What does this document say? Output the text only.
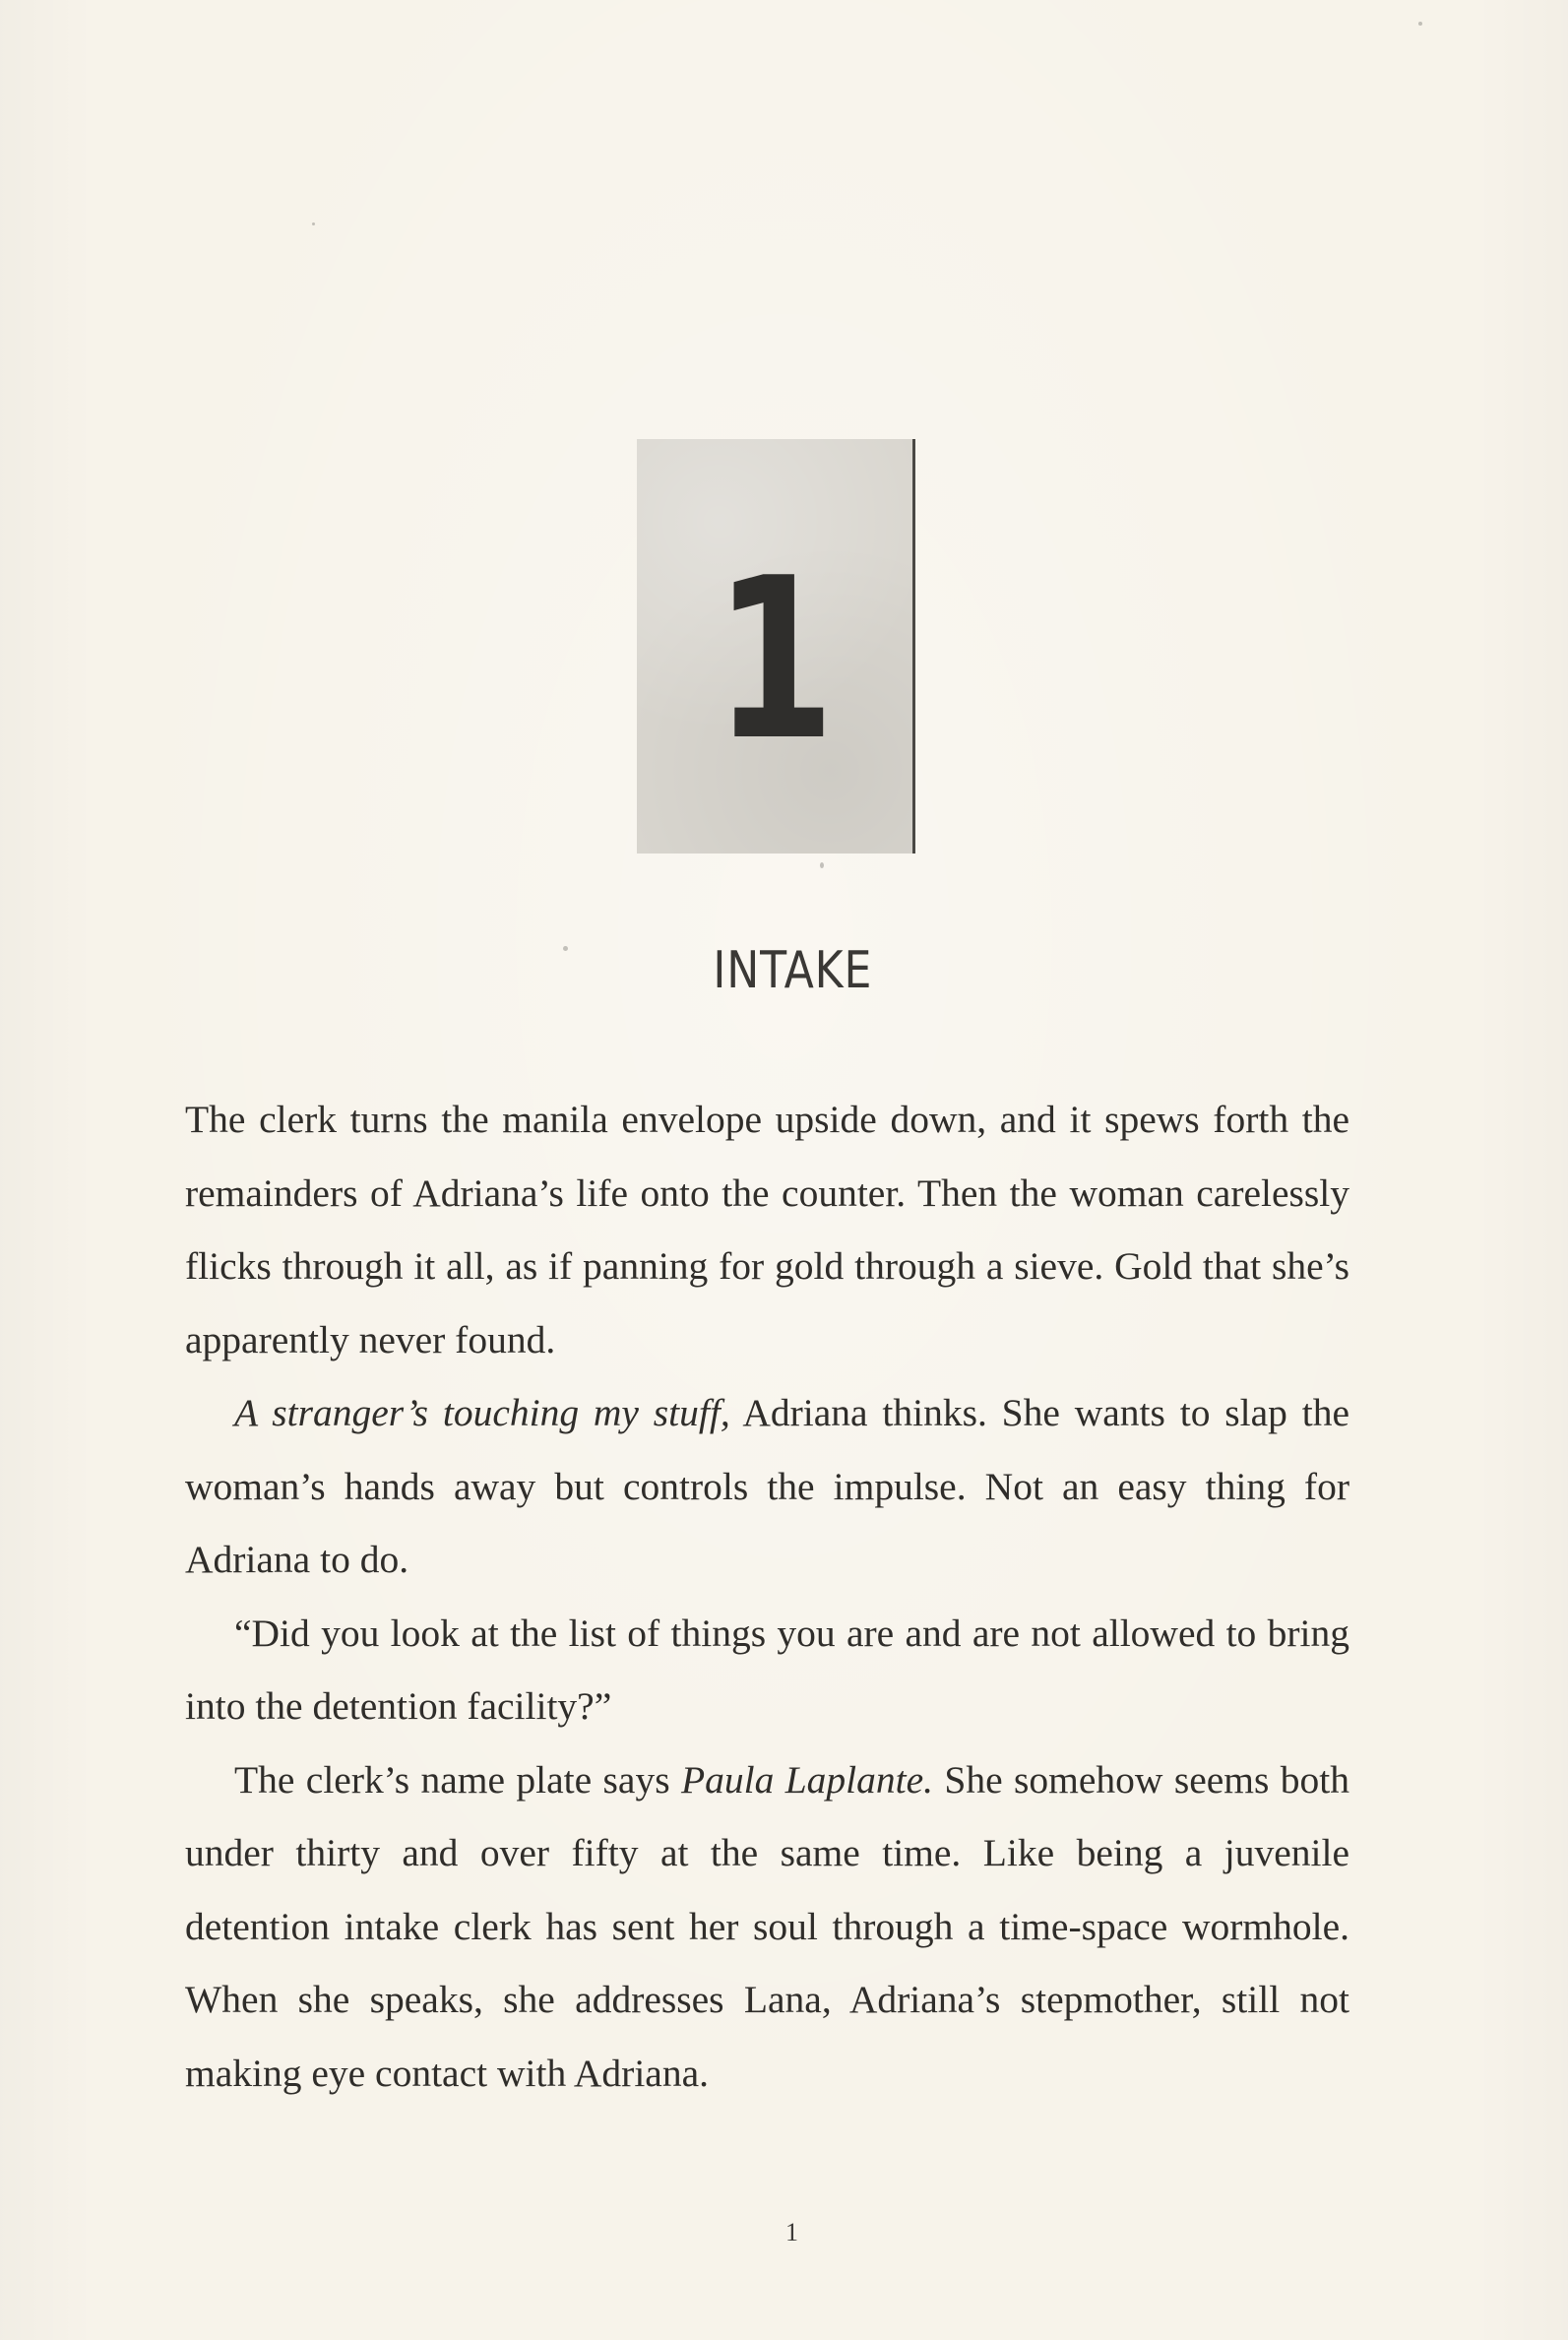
1
INTAKE

The clerk turns the manila envelope upside down, and it spews forth the remainders of Adriana’s life onto the counter. Then the woman carelessly flicks through it all, as if panning for gold through a sieve. Gold that she’s apparently never found.

A stranger’s touching my stuff, Adriana thinks. She wants to slap the woman’s hands away but controls the impulse. Not an easy thing for Adriana to do.

“Did you look at the list of things you are and are not allowed to bring into the detention facility?”

The clerk’s name plate says Paula Laplante. She somehow seems both under thirty and over fifty at the same time. Like being a juvenile detention intake clerk has sent her soul through a time-space wormhole. When she speaks, she addresses Lana, Adriana’s stepmother, still not making eye contact with Adriana.

1
